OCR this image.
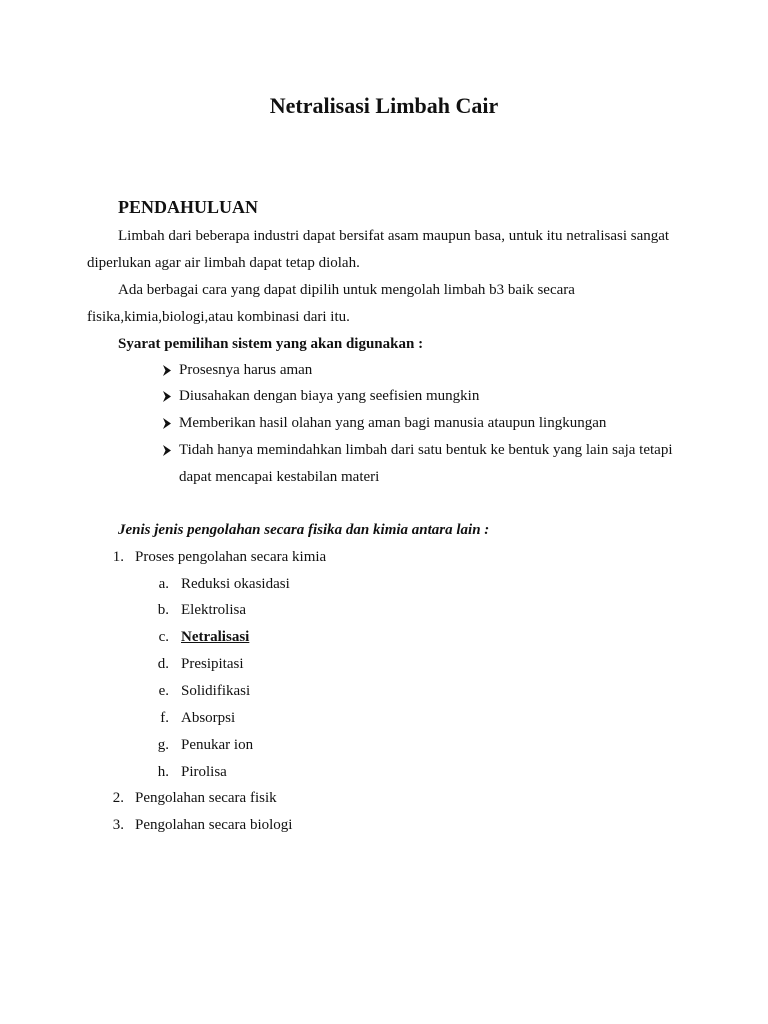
Netralisasi Limbah Cair
PENDAHULUAN
Limbah dari beberapa industri dapat bersifat asam maupun basa, untuk itu netralisasi sangat
diperlukan agar air limbah dapat tetap diolah.
Ada berbagai cara yang dapat dipilih untuk mengolah limbah b3 baik secara
fisika,kimia,biologi,atau kombinasi dari itu.
Syarat pemilihan sistem yang akan digunakan :
Prosesnya harus aman
Diusahakan dengan biaya yang seefisien mungkin
Memberikan hasil olahan yang aman bagi manusia ataupun lingkungan
Tidah hanya memindahkan limbah dari satu bentuk ke bentuk yang lain saja tetapi
dapat mencapai kestabilan materi
Jenis jenis pengolahan secara fisika dan kimia antara lain :
1. Proses pengolahan secara kimia
a. Reduksi okasidasi
b. Elektrolisa
c. Netralisasi
d. Presipitasi
e. Solidifikasi
f. Absorpsi
g. Penukar ion
h. Pirolisa
2. Pengolahan secara fisik
3. Pengolahan secara biologi
